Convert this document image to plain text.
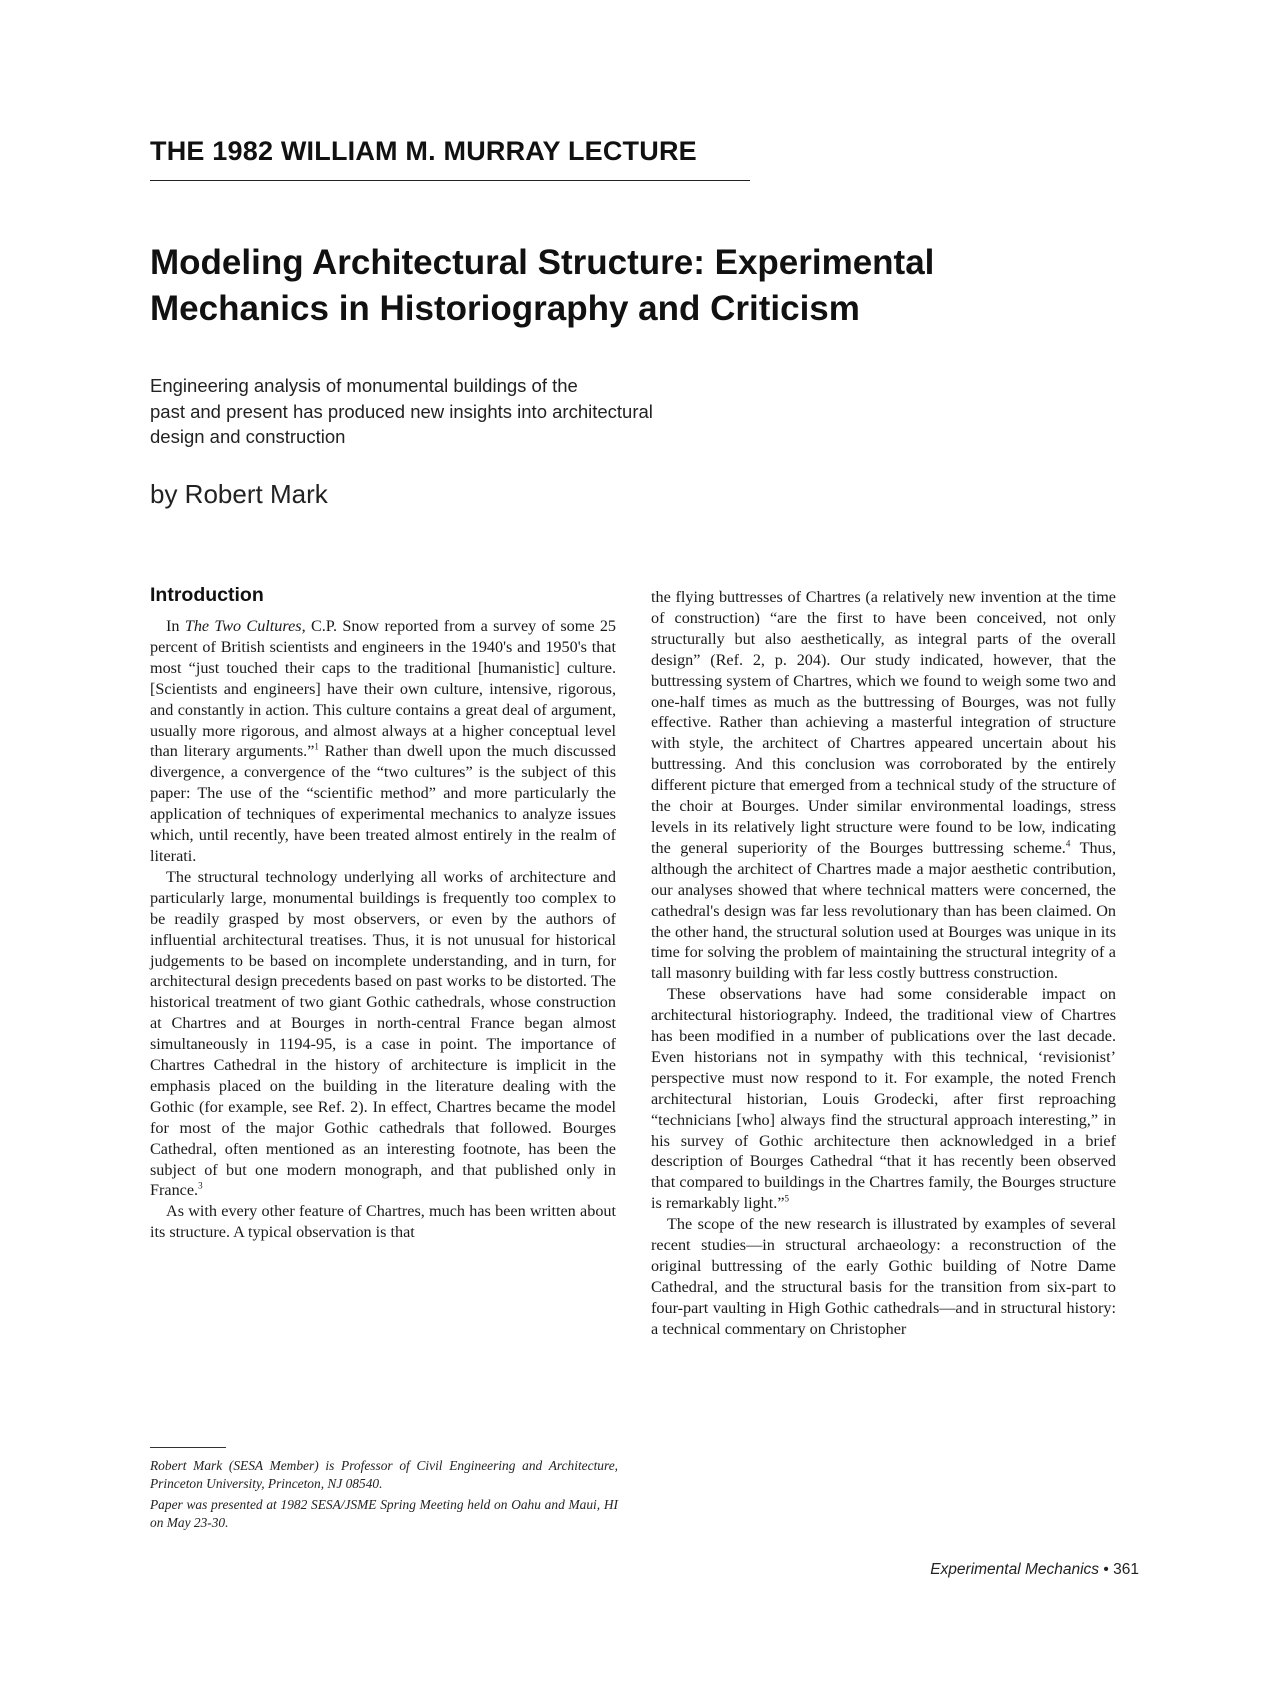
THE 1982 WILLIAM M. MURRAY LECTURE
Modeling Architectural Structure: Experimental
Mechanics in Historiography and Criticism
Engineering analysis of monumental buildings of the
past and present has produced new insights into architectural
design and construction
by Robert Mark
Introduction

In The Two Cultures, C.P. Snow reported from a survey of some 25 percent of British scientists and engineers in the 1940's and 1950's that most “just touched their caps to the traditional [humanistic] culture. [Scientists and engineers] have their own culture, intensive, rigorous, and constantly in action. This culture contains a great deal of argument, usually more rigorous, and almost always at a higher conceptual level than literary arguments.”$^1$ Rather than dwell upon the much discussed divergence, a convergence of the “two cultures” is the subject of this paper: The use of the “scientific method” and more particularly the application of techniques of experimental mechanics to analyze issues which, until recently, have been treated almost entirely in the realm of literati.

The structural technology underlying all works of architecture and particularly large, monumental buildings is frequently too complex to be readily grasped by most observers, or even by the authors of influential architectural treatises. Thus, it is not unusual for historical judgements to be based on incomplete understanding, and in turn, for architectural design precedents based on past works to be distorted. The historical treatment of two giant Gothic cathedrals, whose construction at Chartres and at Bourges in north-central France began almost simultaneously in 1194-95, is a case in point. The importance of Chartres Cathedral in the history of architecture is implicit in the emphasis placed on the building in the literature dealing with the Gothic (for example, see Ref. 2). In effect, Chartres became the model for most of the major Gothic cathedrals that followed. Bourges Cathedral, often mentioned as an interesting footnote, has been the subject of but one modern monograph, and that published only in France.$^3$

As with every other feature of Chartres, much has been written about its structure. A typical observation is that

the flying buttresses of Chartres (a relatively new invention at the time of construction) “are the first to have been conceived, not only structurally but also aesthetically, as integral parts of the overall design” (Ref. 2, p. 204). Our study indicated, however, that the buttressing system of Chartres, which we found to weigh some two and one-half times as much as the buttressing of Bourges, was not fully effective. Rather than achieving a masterful integration of structure with style, the architect of Chartres appeared uncertain about his buttressing. And this conclusion was corroborated by the entirely different picture that emerged from a technical study of the structure of the choir at Bourges. Under similar environmental loadings, stress levels in its relatively light structure were found to be low, indicating the general superiority of the Bourges buttressing scheme.$^4$ Thus, although the architect of Chartres made a major aesthetic contribution, our analyses showed that where technical matters were concerned, the cathedral's design was far less revolutionary than has been claimed. On the other hand, the structural solution used at Bourges was unique in its time for solving the problem of maintaining the structural integrity of a tall masonry building with far less costly buttress construction.

These observations have had some considerable impact on architectural historiography. Indeed, the traditional view of Chartres has been modified in a number of publications over the last decade. Even historians not in sympathy with this technical, ‘revisionist’ perspective must now respond to it. For example, the noted French architectural historian, Louis Grodecki, after first reproaching “technicians [who] always find the structural approach interesting,” in his survey of Gothic architecture then acknowledged in a brief description of Bourges Cathedral “that it has recently been observed that compared to buildings in the Chartres family, the Bourges structure is remarkably light.”$^5$

The scope of the new research is illustrated by examples of several recent studies—in structural archaeology: a reconstruction of the original buttressing of the early Gothic building of Notre Dame Cathedral, and the structural basis for the transition from six-part to four-part vaulting in High Gothic cathedrals—and in structural history: a technical commentary on Christopher

Robert Mark (SESA Member) is Professor of Civil Engineering and Architecture, Princeton University, Princeton, NJ 08540.

Paper was presented at 1982 SESA/JSME Spring Meeting held on Oahu and Maui, HI on May 23-30.

Experimental Mechanics • 361
